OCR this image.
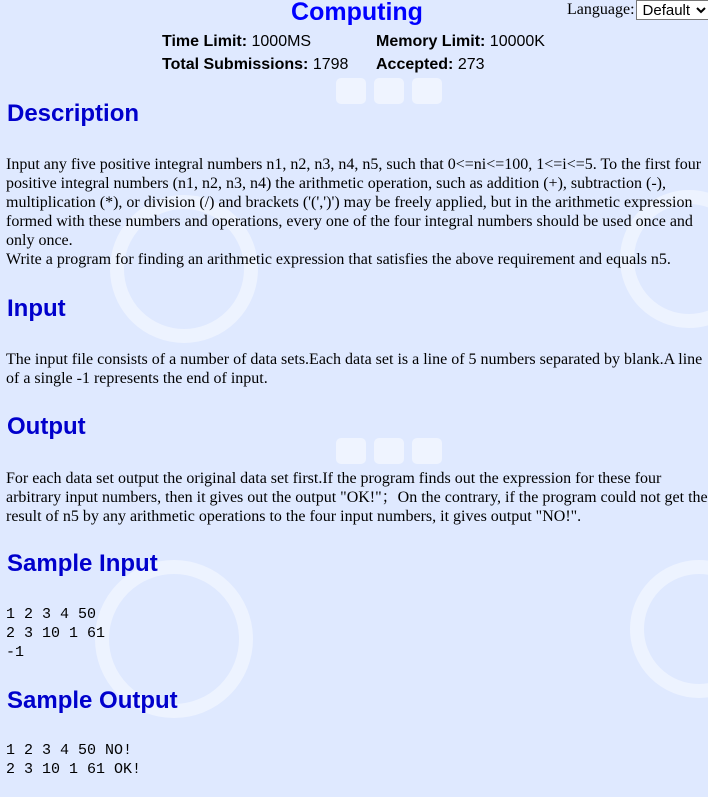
Computing	Language:
Default
Time Limit: 1000MS	Memory Limit: 10000K
Total Submissions: 1798	Accepted: 273
Description
Input any five positive integral numbers n1, n2, n3, n4, n5, such that 0<=ni<=100, 1<=i<=5. To the first four positive integral numbers (n1, n2, n3, n4) the arithmetic operation, such as addition (+), subtraction (-), multiplication (*), or division (/) and brackets ('(',')') may be freely applied, but in the arithmetic expression formed with these numbers and operations, every one of the four integral numbers should be used once and only once.
Write a program for finding an arithmetic expression that satisfies the above requirement and equals n5.
Input
The input file consists of a number of data sets.Each data set is a line of 5 numbers separated by blank.A line of a single -1 represents the end of input.
Output
For each data set output the original data set first.If the program finds out the expression for these four arbitrary input numbers, then it gives out the output "OK!"；On the contrary, if the program could not get the result of n5 by any arithmetic operations to the four input numbers, it gives output "NO!".
Sample Input
1 2 3 4 50
2 3 10 1 61
-1
Sample Output
1 2 3 4 50 NO!
2 3 10 1 61 OK!
